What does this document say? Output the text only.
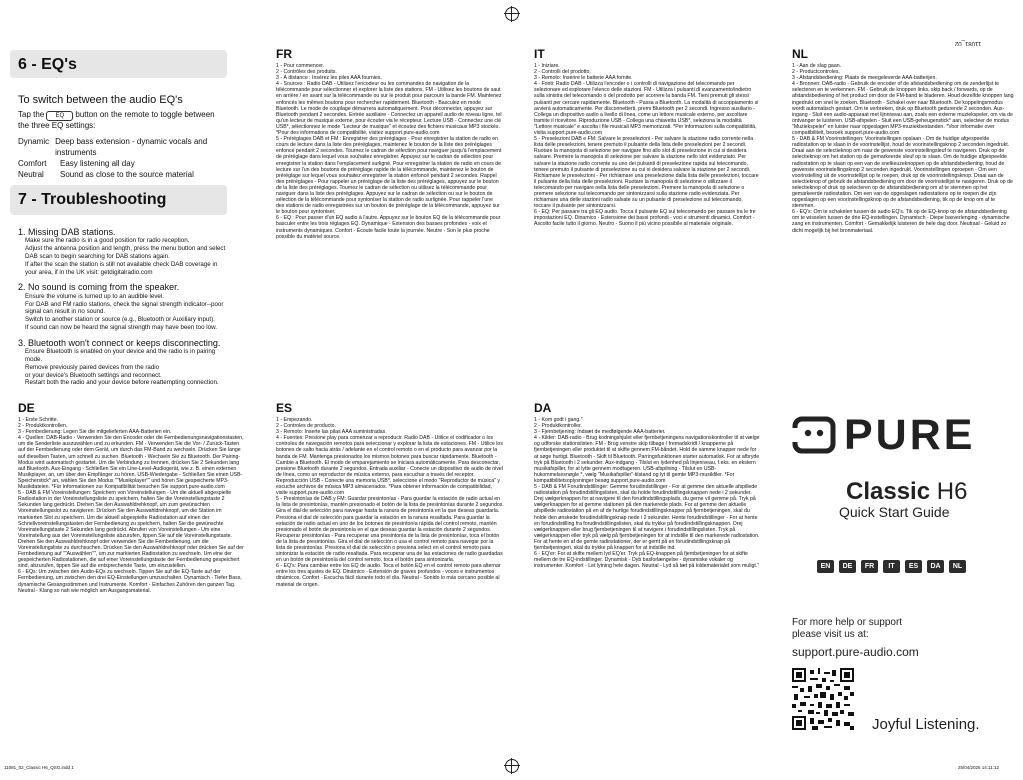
11081_02
6 - EQ's
To switch between the audio EQ's
Tap the EQ button on the remote to toggle between the three EQ settings:
Dynamic Deep bass extension - dynamic vocals and instruments
Comfort	Easy listening all day
Neutral	Sound as close to the source material
7 - Troubleshooting
1. Missing DAB stations.
Make sure the radio is in a good position for radio reception.
Adjust the antenna position and length, press the menu button and select DAB scan to begin searching for DAB stations again.
If after the scan the station is still not available check DAB coverage in your area, if in the UK visit: getdigitalradio.com
2. No sound is coming from the speaker.
Ensure the volume is turned up to an audible level.
For DAB and FM radio stations, check the signal strength indicator--poor signal can result in no sound.
Switch to another station or source (e.g., Bluetooth or Auxiliary input).
If sound can now be heard the signal strength may have been too low.
3. Bluetooth won't connect or keeps disconnecting.
Ensure Bluetooth is enabled on your device and the radio is in pairing mode.
Remove previously paired devices from the radio
or your device's Bluetooth settings and reconnect.
Restart both the radio and your device before reattempting connection.
FR
1 - Pour commencer.
2 - Contrôles des produits.
3 - À distance : Insérez les piles AAA fournies.
4 - Sources : Radio DAB - Utilisez l'encodeur ou les commandes de navigation de la télécommande pour sélectionner et explorer la liste des stations. FM - Utilisez les boutons de saut en arrière / en avant sur la télécommande ou sur le produit pour parcourir la bande FM. Maintenez enfoncés les mêmes boutons pour rechercher rapidement. Bluetooth - Basculez en mode Bluetooth. Le mode de couplage démarrera automatiquement. Pour déconnecter, appuyez sur Bluetooth pendant 2 secondes. Entrée auxiliaire - Connectez un appareil audio de niveau ligne, tel qu'un lecteur de musique externe, pour écouter via le récepteur. Lecture USB - Connectez une clé USB*, sélectionnez le mode "Lecteur de musique" et écoutez des fichiers musicaux MP3 stockés. *Pour des informations de compatibilité, visitez support.pure-audio.com
5 - Préréglages DAB et FM : Enregistrer des préréglages - Pour enregistrer la station de radio en cours de lecture dans la liste des préréglages, maintenez le bouton de la liste des préréglages enfoncé pendant 2 secondes. Tournez le cadran de sélection pour naviguer jusqu'à l'emplacement de préréglage dans lequel vous souhaitez enregistrer. Appuyez sur le cadran de sélection pour enregistrer la station dans l'emplacement surligné. Pour enregistrer la station de radio en cours de lecture sur l'un des boutons de préréglage rapide de la télécommande, maintenez le bouton de préréglage sur lequel vous souhaitez enregistrer la station enfoncé pendant 2 secondes. Rappel des préréglages - Pour rappeler un préréglage de la liste des préréglages, appuyez sur le bouton de la liste des préréglages. Tournez le cadran de sélection ou utilisez la télécommande pour naviguer dans la liste des préréglages. Appuyez sur le cadran de sélection ou sur le bouton de sélection de la télécommande pour syntoniser la station de radio surlignée. Pour rappeler l'une des stations de radio enregistrées sur un bouton de préréglage de la télécommande, appuyez sur le bouton pour syntoniser.
6 - EQ : Pour passer d'un EQ audio à l'autre. Appuyez sur le bouton EQ de la télécommande pour basculer entre les trois réglages EQ. Dynamique - Extension des basses profondes - voix et instruments dynamiques. Confort - Écoute facile toute la journée. Neutre - Son le plus proche possible du matériel source.
IT
1 - Iniziare.
2 - Controlli del prodotto.
3 - Remoto: Inserire le batterie AAA fornite.
4 - Fonti: Radio DAB - Utilizza l'encoder o i controlli di navigazione del telecomando per selezionare ed esplorare l'elenco delle stazioni. FM - Utilizza i pulsanti di avanzamento/indietro sulla sinistra del telecomando o del prodotto per scorrere la banda FM. Tieni premuti gli stessi pulsanti per cercare rapidamente. Bluetooth - Passa a Bluetooth. La modalità di accoppiamento si avvierà automaticamente. Per disconnetterti, premi Bluetooth per 2 secondi. Ingresso ausiliario - Collega un dispositivo audio a livello di linea, come un lettore musicale esterno, per ascoltare tramite il ricevitore. Riproduzione USB - Collega una chiavetta USB*, seleziona la modalità "Lettore musicale" e ascolta i file musicali MP3 memorizzati. *Per informazioni sulla compatibilità, visita support.pure-audio.com
5 - Preselezioni DAB e FM: Salvare le preselezioni - Per salvare la stazione radio corrente nella lista delle preselezioni, tenere premuto il pulsante della lista delle preselezioni per 2 secondi. Ruotare la manopola di selezione per navigare fino allo slot di preselezione in cui si desidera salvare. Premere la manopola di selezione per salvare la stazione nello slot evidenziato. Per salvare la stazione radio corrente su uno dei pulsanti di preselezione rapida sul telecomando, tenere premuto il pulsante di preselezione su cui si desidera salvare la stazione per 2 secondi. Richiamare le preselezioni - Per richiamare una preselezione dalla lista delle preselezioni, toccare il pulsante della lista delle preselezioni. Ruotare la manopola di selezione o utilizzare il telecomando per navigare nella lista delle preselezioni. Premere la manopola di selezione o premere selezione sul telecomando per sintonizzarsi sulla stazione radio evidenziata. Per richiamare una delle stazioni radio salvate su un pulsante di preselezione sul telecomando, toccare il pulsante per sintonizzarsi.
6 - EQ: Per passare tra gli EQ audio. Tocca il pulsante EQ sul telecomando per passare tra le tre impostazioni EQ. Dinamico - Estensione dei bassi profondi - voci e strumenti dinamici. Comfort - Ascolto facile tutto il giorno. Neutro - Suono il più vicino possibile al materiale originale.
NL
1 - Aan de slag gaan.
2 - Productcontroles.
3 - Afstandsbediening: Plaats de meegeleverde AAA-batterijen.
4 - Bronnen: DAB-radio - Gebruik de encoder of de afstandsbediening om de zenderlijst te selecteren en te verkennen. FM - Gebruik de knoppen links, skip back / forwards, op de afstandsbediening of het product om door de FM-band te bladeren. Houd dezelfde knoppen lang ingedrukt om snel te zoeken. Bluetooth - Schakel over naar Bluetooth. De koppelingsmodus wordt automatisch gestart. Om te verbreken, druk op Bluetooth gedurende 2 seconden. Aux-ingang - Sluit een audio-apparaat met lijnniveau aan, zoals een externe muziekspeler, om via de ontvanger te luisteren. USB-afspelen - Sluit een USB-geheugenstick* aan, selecteer de modus "Muziekspeler" en luister naar opgeslagen MP3-muziekbestanden. *Voor informatie over compatibiliteit, bezoek support.pure-audio.com
5 - DAB & FM Voorinstellingen: Voorinstellingen opslaan - Om de huidige afgespeelde radiostation op te slaan in de voorinstellijst, houd de voorinstellingsknop 2 seconden ingedrukt. Draai aan de selectieknop om naar de gewenste voorinstellingsleuf te navigeren. Druk op de selectieknop om het station op de gemarkeerde sleuf op te slaan. Om de huidige afgespeelde radiostation op te slaan op een van de snelkeuzeknoppen op de afstandsbediening, houd de gewenste voorinstellingsknop 2 seconden ingedrukt. Voorinstellingen oproepen - Om een voorinstelling uit de voorinstellijst op te roepen, druk op de voorinstellingsknop. Draai aan de selectieknop of gebruik de afstandsbediening om door de voorinstellijst te navigeren. Druk op de selectieknop of druk op selecteren op de afstandsbediening om af te stemmen op het gemarkeerde radiostation. Om een van de opgeslagen radiostations op te roepen die zijn opgeslagen op een voorinstellingsknop op de afstandsbediening, tik op de knop om af te stemmen.
6 - EQ's: Om te schakelen tussen de audio EQ's. Tik op de EQ-knop op de afstandsbediening om te wisselen tussen de drie EQ-instellingen. Dynamisch - Diepe basverlenging - dynamische zang en instrumenten. Comfort - Gemakkelijk luisteren de hele dag door. Neutraal - Geluid zo dicht mogelijk bij het bronmateriaal.
DE
1 - Erste Schritte.
2 - Produktkontrollen.
3 - Fernbedienung: Legen Sie die mitgelieferten AAA-Batterien ein.
4 - Quellen: DAB-Radio - Verwenden Sie den Encoder oder die Fernbedienungsnavigationstasten, um die Senderliste auszuwählen und zu erkunden. FM - Verwenden Sie die Vor- / Zurück-Tasten auf der Fernbedienung oder dem Gerät, um durch das FM-Band zu wechseln. Drücken Sie lange auf dieselben Tasten, um schnell zu suchen. Bluetooth - Wechseln Sie zu Bluetooth. Der Pairing-Modus wird automatisch gestartet. Um die Verbindung zu trennen, drücken Sie 2 Sekunden lang auf Bluetooth. Aux-Eingang - Schließen Sie ein Line-Level-Audiogerät, wie z. B. einen externen Musikplayer, an, um über den Empfänger zu hören. USB-Wiedergabe - Schließen Sie einen USB-Speicherstick* an, wählen Sie den Modus ""Musikplayer"" und hören Sie gespeicherte MP3-Musikdateien. *Für Informationen zur Kompatibilität besuchen Sie support.pure-audio.com
5 - DAB & FM Voreinstellungen: Speichern von Voreinstellungen - Um die aktuell abgespielte Radiostation in der Voreinstellungsliste zu speichern, halten Sie die Voreinstellungstaste 2 Sekunden lang gedrückt. Drehen Sie den Auswahldrehknopf, um zum gewünschten Voreinstellungsslot zu navigieren. Drücken Sie den Auswahldrehknopf, um die Station im markierten Slot zu speichern. Um die aktuell abgespielte Radiostation auf einen der Schnellvoreinstellungstasten der Fernbedienung zu speichern, halten Sie die gewünschte Voreinstellungstaste 2 Sekunden lang gedrückt. Abrufen von Voreinstellungen - Um eine Voreinstellung aus der Voreinstellungsliste abzurufen, tippen Sie auf die Voreinstellungstaste. Drehen Sie den Auswahldrehknopf oder verwenden Sie die Fernbedienung, um die Voreinstellungsliste zu durchsuchen. Drücken Sie den Auswahldrehknopf oder drücken Sie auf der Fernbedienung auf ""Auswählen"", um zur markierten Radiostation zu wechseln. Um eine der gespeicherten Radiostationen, die auf einer Voreinstellungstaste der Fernbedienung gespeichert sind, abzurufen, tippen Sie auf die entsprechende Taste, um einzustellen.
6 - EQs: Um zwischen den Audio-EQs zu wechseln. Tippen Sie auf die EQ-Taste auf der Fernbedienung, um zwischen den drei EQ-Einstellungen umzuschalten. Dynamisch - Tiefer Bass, dynamische Gesangsstimmen und Instrumente. Komfort - Einfaches Zuhören den ganzen Tag. Neutral - Klang so nah wie möglich am Ausgangsmaterial.
ES
1 - Empezando.
2 - Controles de producto.
3 - Remoto: Inserte las pilas AAA suministradas.
4 - Fuentes: Presione play para comenzar a reproducir. Radio DAB - Utilice el codificador o los controles de navegación remotos para seleccionar y explorar la lista de estaciones. FM - Utilice los botones de salto hacia atrás / adelante en el control remoto o en el producto para avanzar por la banda de FM. Mantenga presionados los mismos botones para buscar rápidamente. Bluetooth - Cambie a Bluetooth. El modo de emparejamiento se iniciará automáticamente. Para desconectar, presione Bluetooth durante 2 segundos. Entrada auxiliar - Conecte un dispositivo de audio de nivel de línea, como un reproductor de música externo, para escuchar a través del receptor. Reproducción USB - Conecte una memoria USB*, seleccione el modo "Reproductor de música" y escuche archivos de música MP3 almacenados. *Para obtener información de compatibilidad, visite support.pure-audio.com
5 - Presintonías de DAB y FM: Guardar presintonías - Para guardar la estación de radio actual en la lista de presintonías, mantén presionado el botón de la lista de presintonías durante 2 segundos. Gira el dial de selección para navegar hasta la ranura de presintonía en la que deseas guardarla. Presiona el dial de selección para guardar la estación en la ranura resaltada. Para guardar la estación de radio actual en uno de los botones de presintonía rápida del control remoto, mantén presionado el botón de presintonía en el que deseas guardar la estación durante 2 segundos. Recuperar presintonías - Para recuperar una presintonía de la lista de presintonías, toca el botón de la lista de presintonías. Gira el dial de selección o usa el control remoto para navegar por la lista de presintonías. Presiona el dial de selección o presiona select en el control remoto para sintonizar la estación de radio resaltada. Para recuperar una de las estaciones de radio guardadas en un botón de presintonía del control remoto, toca el botón para sintonizarla.
6 - EQ's: Para cambiar entre los EQ de audio. Toca el botón EQ en el control remoto para alternar entre los tres ajustes de EQ. Dinámico - Extensión de graves profundos - voces e instrumentos dinámicos. Confort - Escucha fácil durante todo el día. Neutral - Sonido lo más cercano posible al material de origen.
DA
1 - Kom godt i gang."
2 - Produktkontroller.
3 - Fjernbetjening: Indsæt de medfølgende AAA-batterier.
4 - Kilder: DAB-radio - Brug kodningshjulet eller fjernbetjeningens navigationskontroller til at vælge og udforske stationslisten. FM - Brug venstre skip tilbage / fremadskridt / knapperne på fjernbetjeningen eller produktet til at skifte gennem FM-båndet. Hold de samme knapper nede for at søge hurtigt. Bluetooth - Skift til Bluetooth. Parringsfunktionen starter automatisk. For at afbryde tryk på Bluetooth i 2 sekunder. Aux-indgang - Tilslut en lydenhed på linjeniveau, f.eks. en ekstern musikafspiller, for at lytte gennem modtageren. USB-afspilning - Tilslut en USB-hukommelsesnøgle *, vælg "Musikafspiller"-tilstand og lyt til gemte MP3-musikfiler. *For kompatibilitetsoplysninger besøg support.pure-audio.com
5 - DAB & FM Forudindstillinger: Gemme forudindstillinger - For at gemme den aktuelle afspillede radiostation på forudindstillingslisten, skal du holde forudindstillingsknappen nede i 2 sekunder. Drej vælgerknappen for at navigere til den forudindstillingsplads, du gerne vil gemme på. Tryk på vælgerknappen for at gemme stationen på den markerede plads. For at gemme den aktuelle afspillede radiostation på en af de hurtige forudindstillingsknapper på fjernbetjeningen, skal du holde den ønskede forudindstillingsknap nede i 2 sekunder. Hente forudindstillinger - For at hente en forudindstilling fra forudindstillingslisten, skal du trykke på forudindstillingsknappen. Drej vælgerknappen eller brug fjernbetjeningen til at navigere i forudindstillingslisten. Tryk på vælgerknappen eller tryk på vælg på fjernbetjeningen for at indstille til den markerede radiostation. For at hente en af de gemte radiostationer, der er gemt på en forudindstillingsknap på fjernbetjeningen, skal du trykke på knappen for at indstille ind.
6 - EQ'er: For at skifte mellem lyd EQ'er. Tryk på EQ-knappen på fjernbetjeningen for at skifte mellem de tre EQ-indstillinger. Dynamisk - Dyb basforlængelse - dynamiske vokaler og instrumenter. Komfort - Let lytning hele dagen. Neutral - Lyd så tæt på kildematerialet som muligt."
PURE
Classic H6
Quick Start Guide
EN	DE	FR	IT	ES	DA	NL
For more help or support
please visit us at:
support.pure-audio.com
Joyful Listening.
11081_02_Classic H6_QSG.indd 1	25/04/2025 14:11:12
